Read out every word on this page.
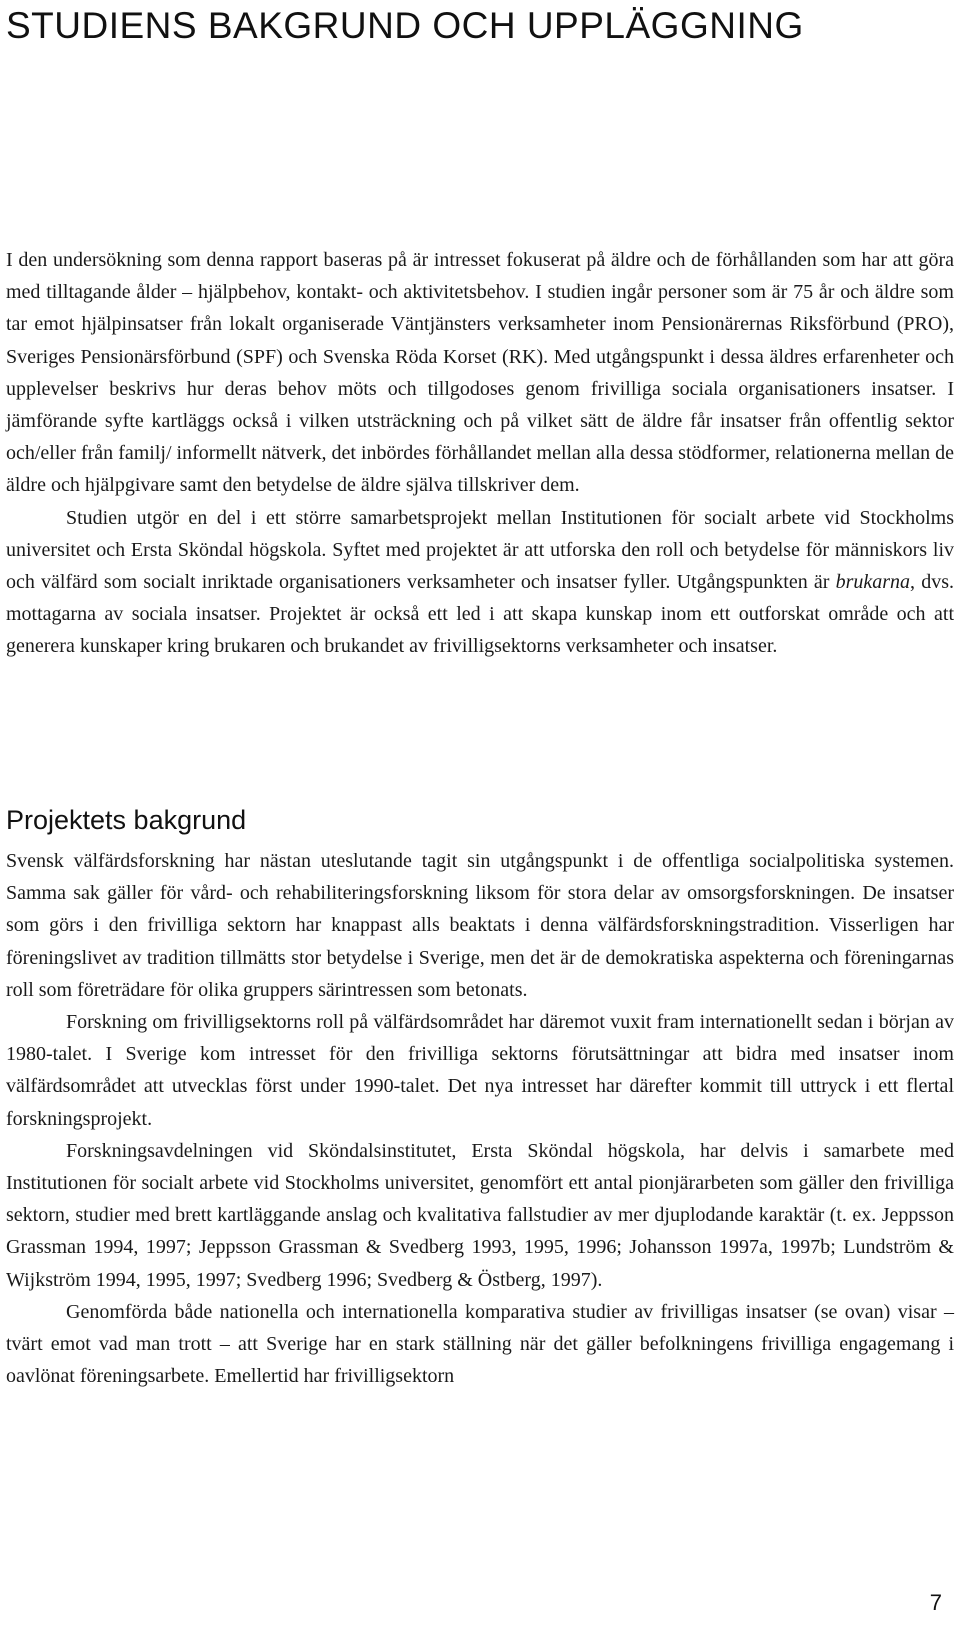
STUDIENS BAKGRUND OCH UPPLÄGGNING

I den undersökning som denna rapport baseras på är intresset fokuserat på äldre och de förhållanden som har att göra med tilltagande ålder – hjälpbehov, kontakt- och aktivitetsbehov. I studien ingår personer som är 75 år och äldre som tar emot hjälpinsatser från lokalt organiserade Väntjänsters verksamheter inom Pensionärernas Riksförbund (PRO), Sveriges Pensionärsförbund (SPF) och Svenska Röda Korset (RK). Med utgångspunkt i dessa äldres erfarenheter och upplevelser beskrivs hur deras behov möts och tillgodoses genom frivilliga sociala organisationers insatser. I jämförande syfte kartläggs också i vilken utsträckning och på vilket sätt de äldre får insatser från offentlig sektor och/eller från familj/ informellt nätverk, det inbördes förhållandet mellan alla dessa stödformer, relationerna mellan de äldre och hjälpgivare samt den betydelse de äldre själva tillskriver dem.

Studien utgör en del i ett större samarbetsprojekt mellan Institutionen för socialt arbete vid Stockholms universitet och Ersta Sköndal högskola. Syftet med projektet är att utforska den roll och betydelse för människors liv och välfärd som socialt inriktade organisationers verksamheter och insatser fyller. Utgångspunkten är brukarna, dvs. mottagarna av sociala insatser. Projektet är också ett led i att skapa kunskap inom ett outforskat område och att generera kunskaper kring brukaren och brukandet av frivilligsektorns verksamheter och insatser.

Projektets bakgrund

Svensk välfärdsforskning har nästan uteslutande tagit sin utgångspunkt i de offentliga socialpolitiska systemen. Samma sak gäller för vård- och rehabiliteringsforskning liksom för stora delar av omsorgsforskningen. De insatser som görs i den frivilliga sektorn har knappast alls beaktats i denna välfärdsforskningstradition. Visserligen har föreningslivet av tradition tillmätts stor betydelse i Sverige, men det är de demokratiska aspekterna och föreningarnas roll som företrädare för olika gruppers särintressen som betonats.

Forskning om frivilligsektorns roll på välfärdsområdet har däremot vuxit fram internationellt sedan i början av 1980-talet. I Sverige kom intresset för den frivilliga sektorns förutsättningar att bidra med insatser inom välfärdsområdet att utvecklas först under 1990-talet. Det nya intresset har därefter kommit till uttryck i ett flertal forskningsprojekt.

Forskningsavdelningen vid Sköndalsinstitutet, Ersta Sköndal högskola, har delvis i samarbete med Institutionen för socialt arbete vid Stockholms universitet, genomfört ett antal pionjärarbeten som gäller den frivilliga sektorn, studier med brett kartläggande anslag och kvalitativa fallstudier av mer djuplodande karaktär (t. ex. Jeppsson Grassman 1994, 1997; Jeppsson Grassman & Svedberg 1993, 1995, 1996; Johansson 1997a, 1997b; Lundström & Wijkström 1994, 1995, 1997; Svedberg 1996; Svedberg & Östberg, 1997).

Genomförda både nationella och internationella komparativa studier av frivilligas insatser (se ovan) visar – tvärt emot vad man trott – att Sverige har en stark ställning när det gäller befolkningens frivilliga engagemang i oavlönat föreningsarbete. Emellertid har frivilligsektorn

7
